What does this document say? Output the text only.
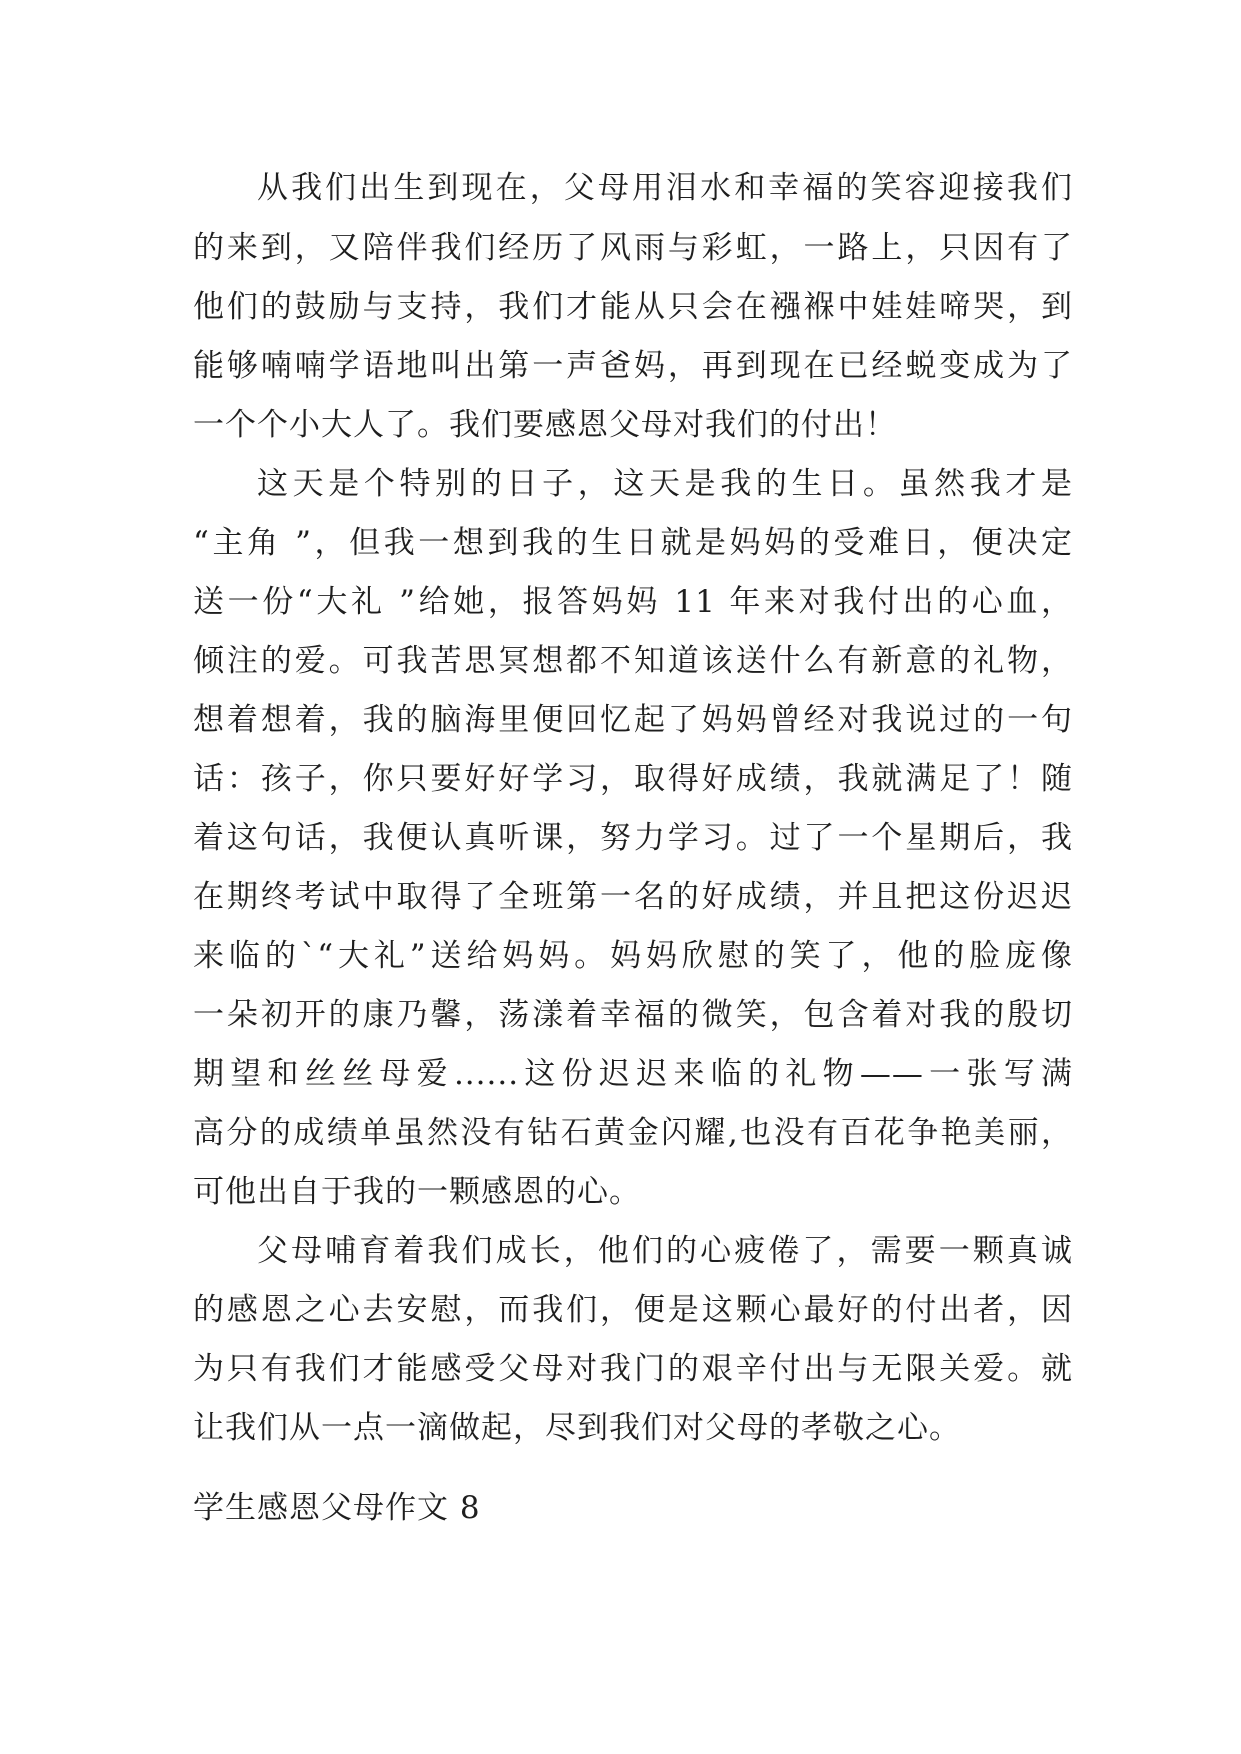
从我们出生到现在，父母用泪水和幸福的笑容迎接我们
的来到，又陪伴我们经历了风雨与彩虹，一路上，只因有了
他们的鼓励与支持，我们才能从只会在襁褓中娃娃啼哭，到
能够喃喃学语地叫出第一声爸妈，再到现在已经蜕变成为了
一个个小大人了。我们要感恩父母对我们的付出！
这天是个特别的日子，这天是我的生日。虽然我才是
“主角 ”，但我一想到我的生日就是妈妈的受难日，便决定
送一份“大礼 ”给她，报答妈妈 11 年来对我付出的心血，
倾注的爱。可我苦思冥想都不知道该送什么有新意的礼物，
想着想着，我的脑海里便回忆起了妈妈曾经对我说过的一句
话：孩子，你只要好好学习，取得好成绩，我就满足了！随
着这句话，我便认真听课，努力学习。过了一个星期后，我
在期终考试中取得了全班第一名的好成绩，并且把这份迟迟
来临的`“大礼”送给妈妈。妈妈欣慰的笑了，他的脸庞像
一朵初开的康乃馨，荡漾着幸福的微笑，包含着对我的殷切
期望和丝丝母爱......这份迟迟来临的礼物——一张写满
高分的成绩单虽然没有钻石黄金闪耀,也没有百花争艳美丽，
可他出自于我的一颗感恩的心。
父母哺育着我们成长，他们的心疲倦了，需要一颗真诚
的感恩之心去安慰，而我们，便是这颗心最好的付出者，因
为只有我们才能感受父母对我门的艰辛付出与无限关爱。就
让我们从一点一滴做起，尽到我们对父母的孝敬之心。
学生感恩父母作文 8
